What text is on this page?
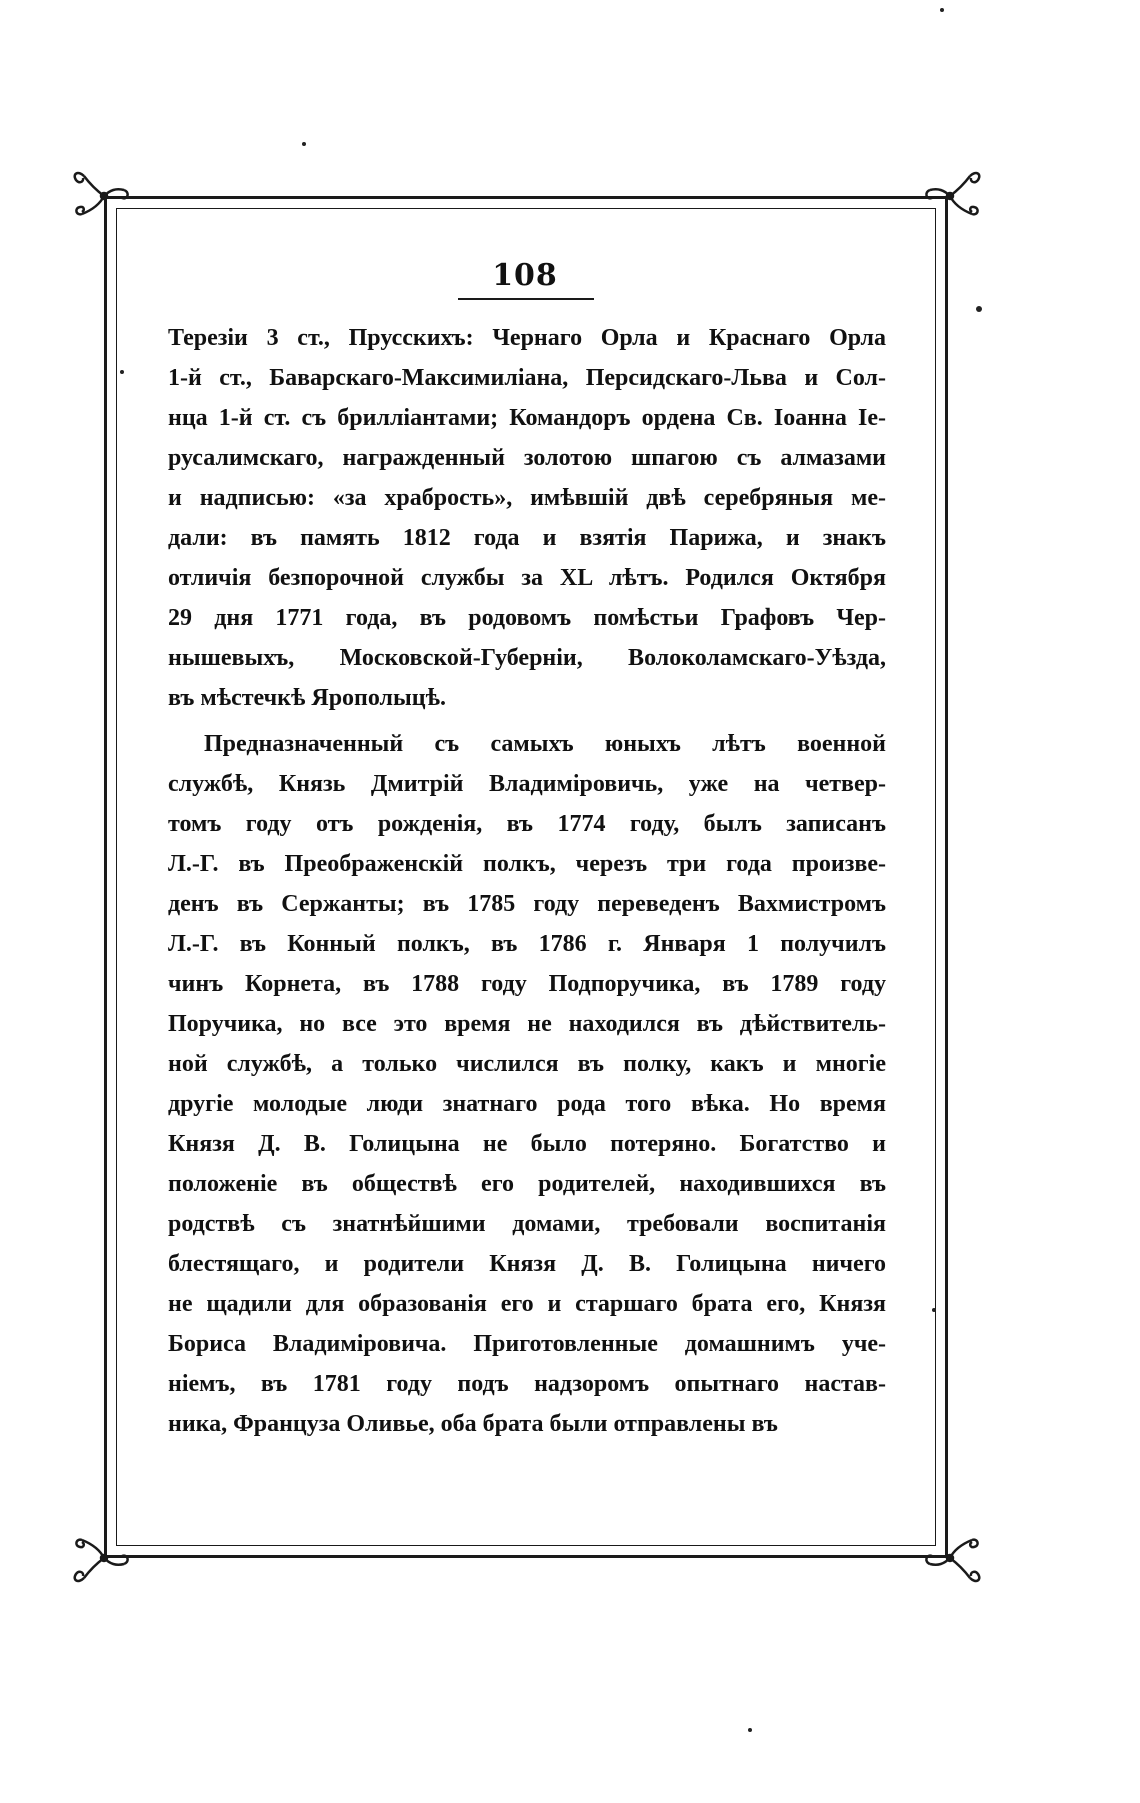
108
Терезіи 3 ст., Прусскихъ: Чернаго Орла и Краснаго Орла
1-й ст., Баварскаго-Максимиліана, Персидскаго-Льва и Сол-
нца 1-й ст. съ брилліантами; Командоръ ордена Св. Іоанна Іе-
русалимскаго, награжденный золотою шпагою съ алмазами
и надписью: «за храбрость», имѣвшій двѣ серебряныя ме-
дали: въ память 1812 года и взятія Парижа, и знакъ
отличія безпорочной службы за XL лѣтъ. Родился Октября
29 дня 1771 года, въ родовомъ помѣстьи Графовъ Чер-
нышевыхъ, Московской-Губерніи, Волоколамскаго-Уѣзда,
въ мѣстечкѣ Ярополыцѣ.
Предназначенный съ самыхъ юныхъ лѣтъ военной
службѣ, Князь Дмитрій Владиміровичь, уже на четвер-
томъ году отъ рожденія, въ 1774 году, былъ записанъ
Л.-Г. въ Преображенскій полкъ, черезъ три года произве-
денъ въ Сержанты; въ 1785 году переведенъ Вахмистромъ
Л.-Г. въ Конный полкъ, въ 1786 г. Января 1 получилъ
чинъ Корнета, въ 1788 году Подпоручика, въ 1789 году
Поручика, но все это время не находился въ дѣйствитель-
ной службѣ, а только числился въ полку, какъ и многіе
другіе молодые люди знатнаго рода того вѣка. Но время
Князя Д. В. Голицына не было потеряно. Богатство и
положеніе въ обществѣ его родителей, находившихся въ
родствѣ съ знатнѣйшими домами, требовали воспитанія
блестящаго, и родители Князя Д. В. Голицына ничего
не щадили для образованія его и старшаго брата его, Князя
Бориса Владиміровича. Приготовленные домашнимъ уче-
ніемъ, въ 1781 году подъ надзоромъ опытнаго настав-
ника, Француза Оливье, оба брата были отправлены въ
